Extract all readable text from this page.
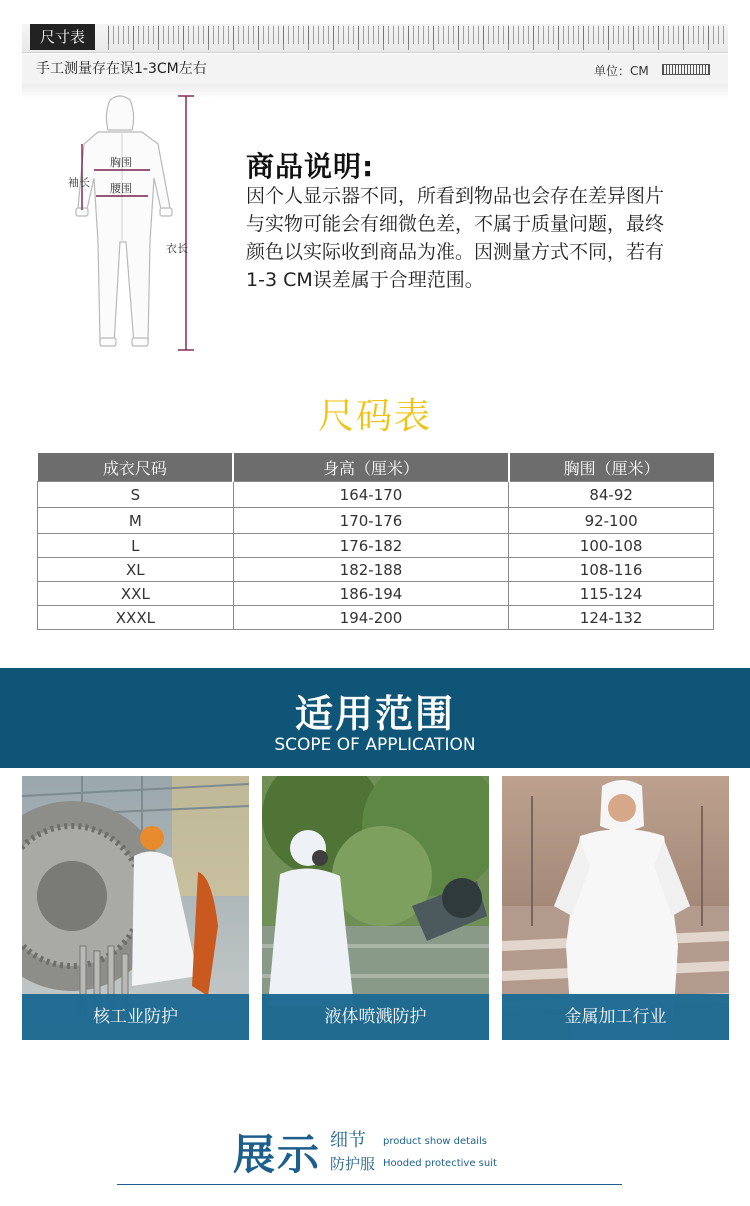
尺寸表
手工测量存在误1-3CM左右	单位：CM
胸围
腰围
袖长
衣长
商品说明:
因个人显示器不同，所看到物品也会存在差异图片
与实物可能会有细微色差，不属于质量问题，最终
颜色以实际收到商品为准。因测量方式不同，若有
1-3 CM误差属于合理范围。
尺码表
成衣尺码	身高（厘米）	胸围（厘米）
S	164-170	84-92
M	170-176	92-100
L	176-182	100-108
XL	182-188	108-116
XXL	186-194	115-124
XXXL	194-200	124-132
适用范围
SCOPE OF APPLICATION
核工业防护	液体喷溅防护	金属加工行业
展示 细节
防护服
product show details
Hooded protective suit
